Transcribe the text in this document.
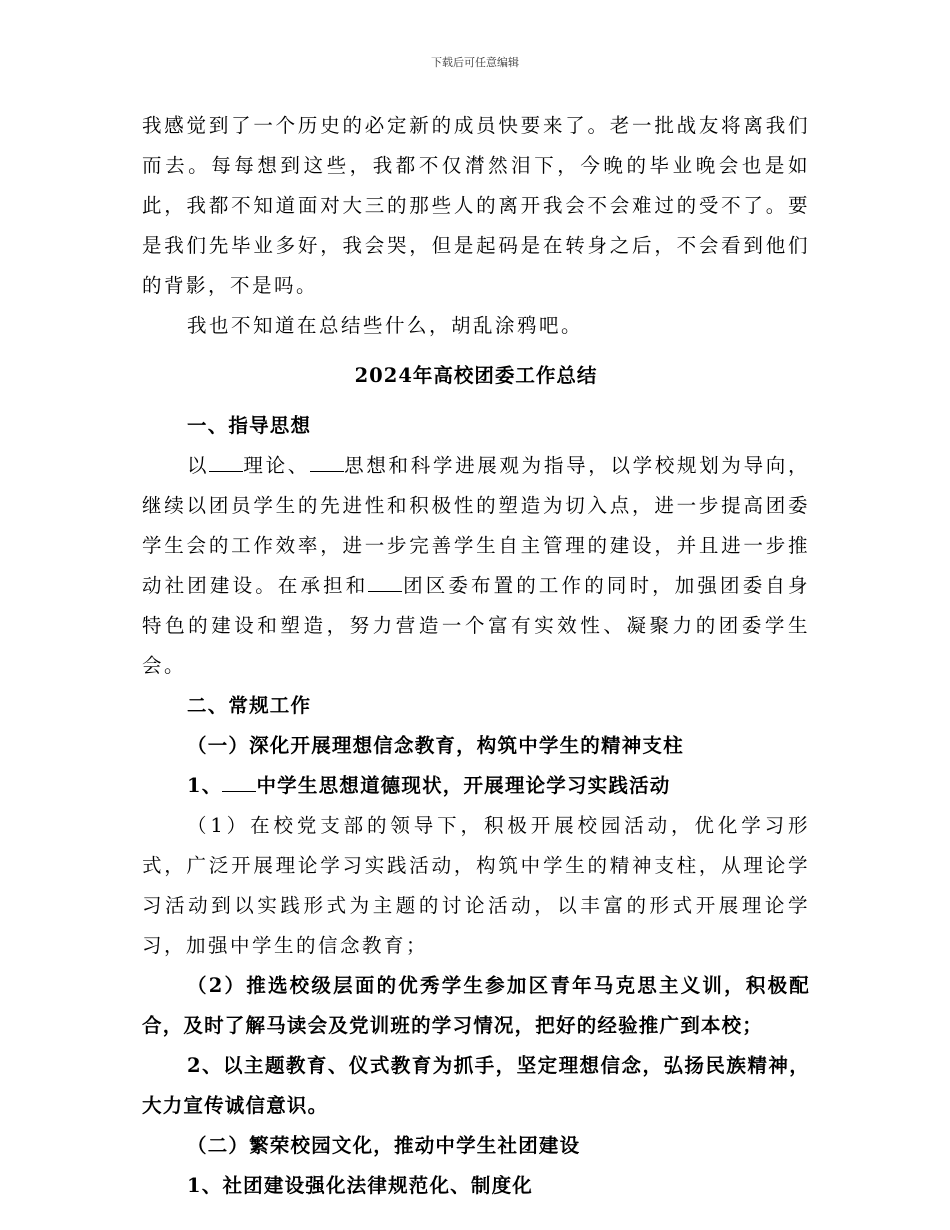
下载后可任意编辑

我感觉到了一个历史的必定新的成员快要来了。老一批战友将离我们而去。每每想到这些，我都不仅潸然泪下，今晚的毕业晚会也是如此，我都不知道面对大三的那些人的离开我会不会难过的受不了。要是我们先毕业多好，我会哭，但是起码是在转身之后，不会看到他们的背影，不是吗。

我也不知道在总结些什么，胡乱涂鸦吧。

2024年高校团委工作总结

一、指导思想

以 理论、 思想和科学进展观为指导，以学校规划为导向，继续以团员学生的先进性和积极性的塑造为切入点，进一步提高团委学生会的工作效率，进一步完善学生自主管理的建设，并且进一步推动社团建设。在承担和 团区委布置的工作的同时，加强团委自身特色的建设和塑造，努力营造一个富有实效性、凝聚力的团委学生会。

二、常规工作

（一）深化开展理想信念教育，构筑中学生的精神支柱

1、 中学生思想道德现状，开展理论学习实践活动

（1）在校党支部的领导下，积极开展校园活动，优化学习形式，广泛开展理论学习实践活动，构筑中学生的精神支柱，从理论学习活动到以实践形式为主题的讨论活动，以丰富的形式开展理论学习，加强中学生的信念教育；

（2）推选校级层面的优秀学生参加区青年马克思主义训，积极配合，及时了解马读会及党训班的学习情况，把好的经验推广到本校；

2、以主题教育、仪式教育为抓手，坚定理想信念，弘扬民族精神，大力宣传诚信意识。

（二）繁荣校园文化，推动中学生社团建设

1、社团建设强化法律规范化、制度化
